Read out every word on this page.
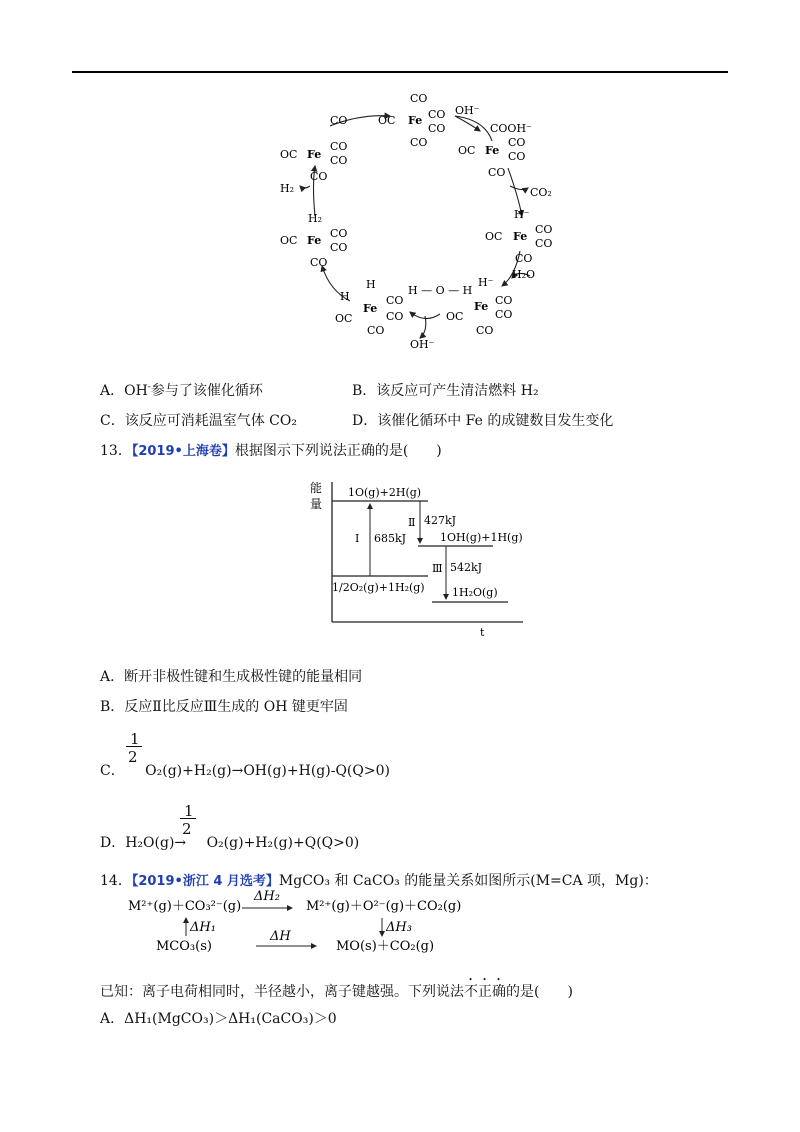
CO
OC Fe CO
CO
CO
CO
OH⁻
COOH⁻
OC Fe
CO
CO
CO
CO₂
H⁻
OC Fe
CO
CO
CO
H₂O
H⁻
OC
Fe CO
CO
CO
H — O — H
OH⁻
H
H
OC
Fe
CO
CO
CO
H₂
OC Fe
CO
CO
CO
H₂
OC Fe
CO
CO
CO
A．OH-参与了该催化循环	B．该反应可产生清洁燃料 H₂
C．该反应可消耗温室气体 CO₂	D．该催化循环中 Fe 的成键数目发生变化
13．【2019•上海卷】根据图示下列说法正确的是(　　)
能
量
t
1O(g)+2H(g)
1/2O₂(g)+1H₂(g)
1OH(g)+1H(g)
1H₂O(g)
Ⅰ 685kJ
Ⅱ 427kJ
Ⅲ 542kJ
A．断开非极性键和生成极性键的能量相同
B．反应Ⅱ比反应Ⅲ生成的 OH 键更牢固
C．
1
2
O₂(g)+H₂(g)→OH(g)+H(g)-Q(Q>0)
D．H₂O(g)→
1
2
O₂(g)+H₂(g)+Q(Q>0)
14．【2019•浙江 4 月选考】MgCO₃ 和 CaCO₃ 的能量关系如图所示(M=CA 项，Mg)：
M²⁺(g)＋CO₃²⁻(g)
ΔH₂
M²⁺(g)＋O²⁻(g)＋CO₂(g)
ΔH₁	ΔH₃
MCO₃(s)
ΔH
MO(s)＋CO₂(g)
已知：离子电荷相同时，半径越小，离子键越强。下列说法不正确的是(　　)
A．ΔH₁(MgCO₃)＞ΔH₁(CaCO₃)＞0
